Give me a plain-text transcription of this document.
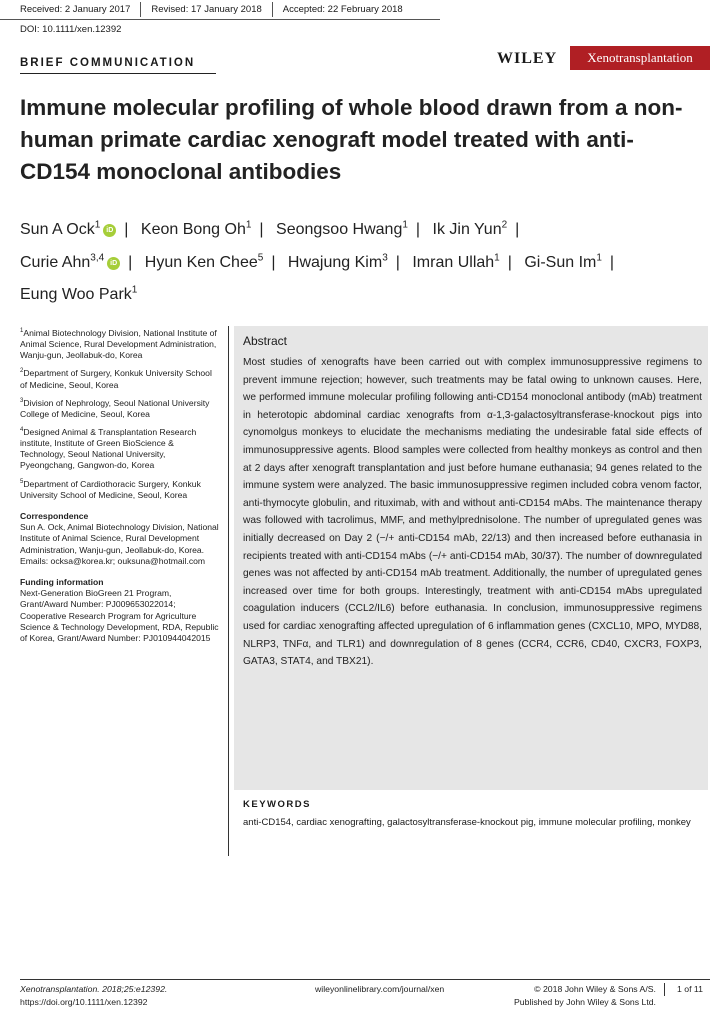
Received: 2 January 2017	Revised: 17 January 2018	Accepted: 22 February 2018
DOI: 10.1111/xen.12392
BRIEF COMMUNICATION	WILEY	Xenotransplantation
Immune molecular profiling of whole blood drawn from a non-human primate cardiac xenograft model treated with anti-CD154 monoclonal antibodies
Sun A Ock$^1$ iD | Keon Bong Oh$^1$ | Seongsoo Hwang$^1$ | Ik Jin Yun$^2$ |
Curie Ahn$^{3,4}$ iD | Hyun Ken Chee$^5$ | Hwajung Kim$^3$ | Imran Ullah$^1$ | Gi-Sun Im$^1$ |
Eung Woo Park$^1$
$^1$Animal Biotechnology Division, National Institute of Animal Science, Rural Development Administration, Wanju-gun, Jeollabuk-do, Korea
$^2$Department of Surgery, Konkuk University School of Medicine, Seoul, Korea
$^3$Division of Nephrology, Seoul National University College of Medicine, Seoul, Korea
$^4$Designed Animal & Transplantation Research institute, Institute of Green BioScience & Technology, Seoul National University, Pyeongchang, Gangwon-do, Korea
$^5$Department of Cardiothoracic Surgery, Konkuk University School of Medicine, Seoul, Korea
Correspondence
Sun A. Ock, Animal Biotechnology Division, National Institute of Animal Science, Rural Development Administration, Wanju-gun, Jeollabuk-do, Korea.
Emails: ocksa@korea.kr; ouksuna@hotmail.com
Funding information
Next-Generation BioGreen 21 Program, Grant/Award Number: PJ009653022014; Cooperative Research Program for Agriculture Science & Technology Development, RDA, Republic of Korea, Grant/Award Number: PJ010944042015
Abstract
Most studies of xenografts have been carried out with complex immunosuppressive regimens to prevent immune rejection; however, such treatments may be fatal owing to unknown causes. Here, we performed immune molecular profiling following anti-CD154 monoclonal antibody (mAb) treatment in heterotopic abdominal cardiac xenografts from α-1,3-galactosyltransferase-knockout pigs into cynomolgus monkeys to elucidate the mechanisms mediating the undesirable fatal side effects of immunosuppressive agents. Blood samples were collected from healthy monkeys as control and then at 2 days after xenograft transplantation and just before humane euthanasia; 94 genes related to the immune system were analyzed. The basic immunosuppressive regimen included cobra venom factor, anti-thymocyte globulin, and rituximab, with and without anti-CD154 mAbs. The maintenance therapy was followed with tacrolimus, MMF, and methylprednisolone. The number of upregulated genes was initially decreased on Day 2 (−/+ anti-CD154 mAb, 22/13) and then increased before euthanasia in recipients treated with anti-CD154 mAbs (−/+ anti-CD154 mAb, 30/37). The number of downregulated genes was not affected by anti-CD154 mAb treatment. Additionally, the number of upregulated genes increased over time for both groups. Interestingly, treatment with anti-CD154 mAbs upregulated coagulation inducers (CCL2/IL6) before euthanasia. In conclusion, immunosuppressive regimens used for cardiac xenografting affected upregulation of 6 inflammation genes (CXCL10, MPO, MYD88, NLRP3, TNFα, and TLR1) and downregulation of 8 genes (CCR4, CCR6, CD40, CXCR3, FOXP3, GATA3, STAT4, and TBX21).
KEYWORDS
anti-CD154, cardiac xenografting, galactosyltransferase-knockout pig, immune molecular profiling, monkey
Xenotransplantation. 2018;25:e12392.
https://doi.org/10.1111/xen.12392
wileyonlinelibrary.com/journal/xen	© 2018 John Wiley & Sons A/S.
Published by John Wiley & Sons Ltd.
1 of 11
